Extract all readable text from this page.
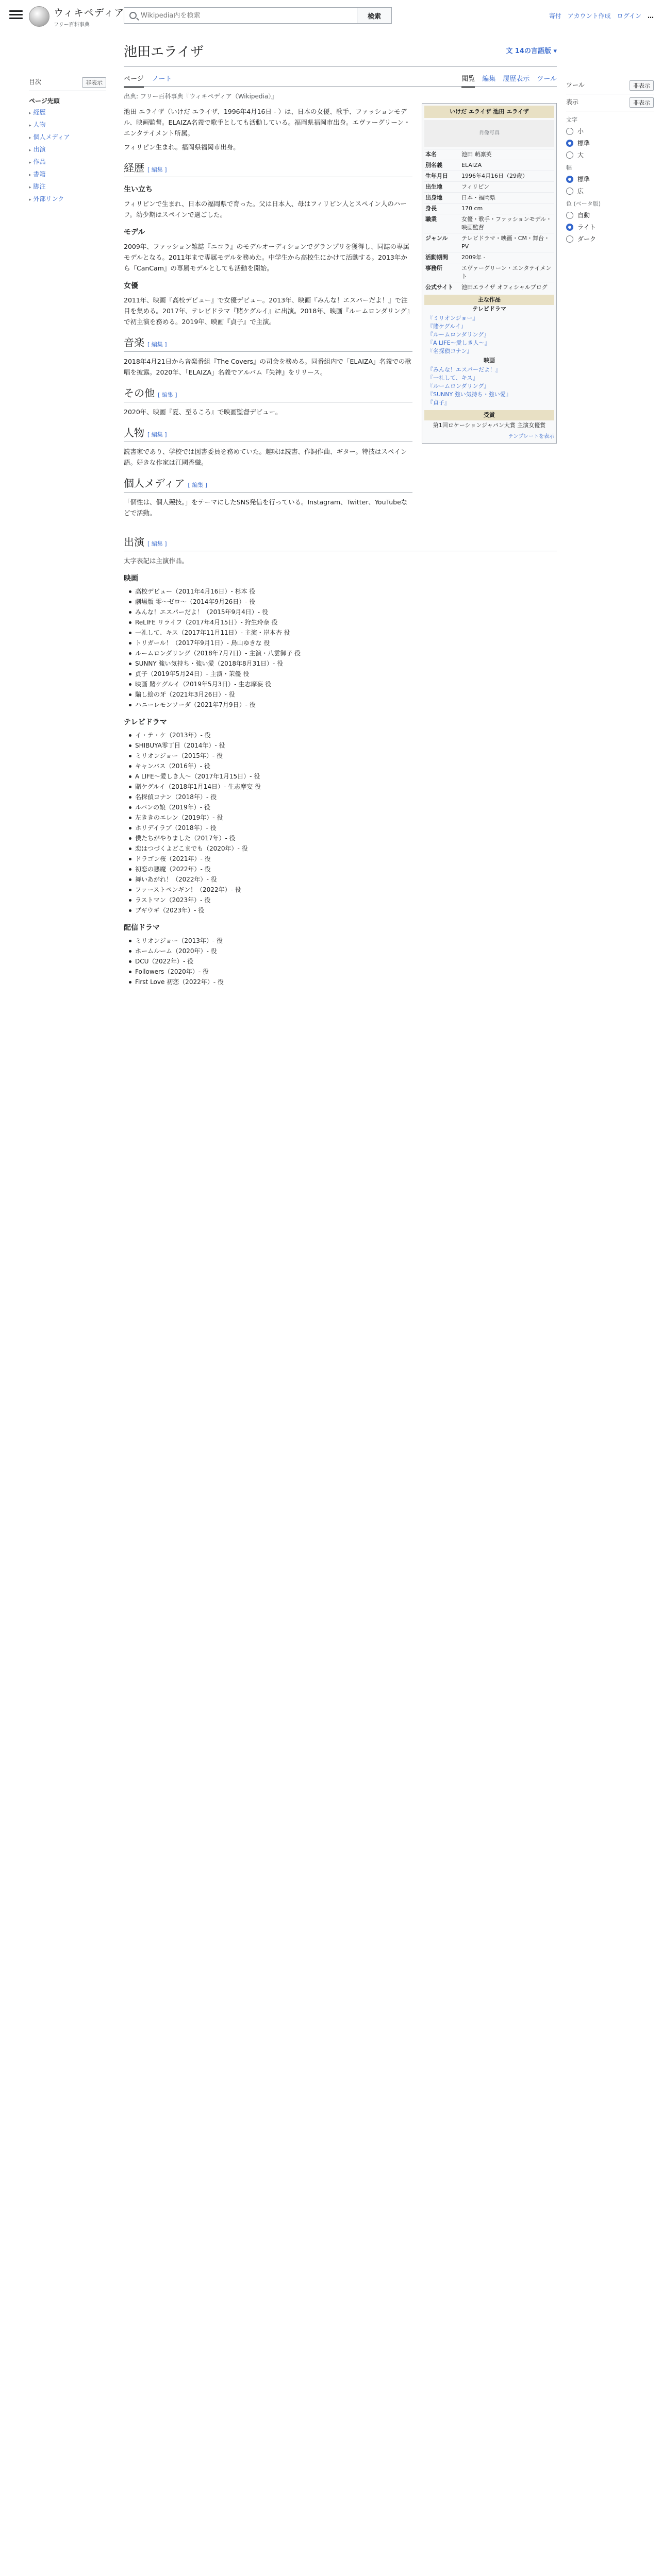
ウィキペディア
フリー百科事典
Wikipedia内を検索
検索	寄付 アカウント作成 ログイン …
池田エライザ	文 14の言語版 ▾
ページ ノート	閲覧 編集 履歴表示 ツール
出典: フリー百科事典『ウィキペディア（Wikipedia）』
目次	非表示
ページ先頭
▸ 経歴
▸ 人物
▸ 個人メディア
▸ 出演
▸ 作品
▸ 書籍
▸ 脚注
▸ 外部リンク
ツール	非表示
表示	非表示
文字
小
標準
大
幅
標準
広
色 (ベータ版)
自動
ライト
ダーク
いけだ エライザ 池田 エライザ
肖像写真
本名	池田 萌凛英
別名義	ELAIZA
生年月日	1996年4月16日（29歳）
出生地	フィリピン
出身地	日本・福岡県
身長	170 cm
職業	女優・歌手・ファッションモデル・映画監督
ジャンル	テレビドラマ・映画・CM・舞台・PV
活動期間	2009年 -
事務所	エヴァーグリーン・エンタテイメント
公式サイト	池田エライザ オフィシャルブログ
主な作品
テレビドラマ
『ミリオンジョー』
『賭ケグルイ』
『ルームロンダリング』
『A LIFE〜愛しき人〜』
『名探偵コナン』
映画
『みんな！エスパーだよ！』
『一礼して、キス』
『ルームロンダリング』
『SUNNY 強い気持ち・強い愛』
『貞子』
受賞
第1回ロケーションジャパン大賞 主演女優賞
テンプレートを表示

池田 エライザ（いけだ エライザ、1996年4月16日 - ）は、日本の女優、歌手、ファッションモデル、映画監督。ELAIZA名義で歌手としても活動している。福岡県福岡市出身。エヴァーグリーン・エンタテイメント所属。

フィリピン生まれ。福岡県福岡市出身。

経歴 [ 編集 ]
生い立ち

フィリピンで生まれ、日本の福岡県で育った。父は日本人、母はフィリピン人とスペイン人のハーフ。幼少期はスペインで過ごした。

モデル

2009年、ファッション雑誌『ニコラ』のモデルオーディションでグランプリを獲得し、同誌の専属モデルとなる。2011年まで専属モデルを務めた。中学生から高校生にかけて活動する。2013年から『CanCam』の専属モデルとしても活動を開始。

女優

2011年、映画『高校デビュー』で女優デビュー。2013年、映画『みんな！エスパーだよ！』で注目を集める。2017年、テレビドラマ『賭ケグルイ』に出演。2018年、映画『ルームロンダリング』で初主演を務める。2019年、映画『貞子』で主演。

音楽 [ 編集 ]

2018年4月21日から音楽番組『The Covers』の司会を務める。同番組内で「ELAIZA」名義での歌唱を披露。2020年、「ELAIZA」名義でアルバム『失神』をリリース。

その他 [ 編集 ]

2020年、映画『夏、至るころ』で映画監督デビュー。

人物 [ 編集 ]

読書家であり、学校では図書委員を務めていた。趣味は読書、作詞作曲、ギター。特技はスペイン語。好きな作家は江國香織。

個人メディア [ 編集 ]

「個性は、個人競技。」をテーマにしたSNS発信を行っている。Instagram、Twitter、YouTubeなどで活動。

出演 [ 編集 ]

太字表記は主演作品。

映画
高校デビュー（2011年4月16日）- 杉本 役
劇場版 零〜ゼロ〜（2014年9月26日）- 役
みんな！エスパーだよ！（2015年9月4日）- 役
ReLIFE リライフ（2017年4月15日）- 狩生玲奈 役
一礼して、キス（2017年11月11日）- 主演・岸本杏 役
トリガール！（2017年9月1日）- 鳥山ゆきな 役
ルームロンダリング（2018年7月7日）- 主演・八雲御子 役
SUNNY 強い気持ち・強い愛（2018年8月31日）- 役
貞子（2019年5月24日）- 主演・茉優 役
映画 賭ケグルイ（2019年5月3日）- 生志摩妄 役
騙し絵の牙（2021年3月26日）- 役
ハニーレモンソーダ（2021年7月9日）- 役
テレビドラマ
イ・テ・ケ（2013年）- 役
SHIBUYA零丁目（2014年）- 役
ミリオンジョー（2015年）- 役
キャンバス（2016年）- 役
A LIFE〜愛しき人〜（2017年1月15日）- 役
賭ケグルイ（2018年1月14日）- 生志摩妄 役
名探偵コナン（2018年）- 役
ルパンの娘（2019年）- 役
左ききのエレン（2019年）- 役
ホリデイラブ（2018年）- 役
僕たちがやりました（2017年）- 役
恋はつづくよどこまでも（2020年）- 役
ドラゴン桜（2021年）- 役
初恋の悪魔（2022年）- 役
舞いあがれ！（2022年）- 役
ファーストペンギン！（2022年）- 役
ラストマン（2023年）- 役
ブギウギ（2023年）- 役
配信ドラマ
ミリオンジョー（2013年）- 役
ホームルーム（2020年）- 役
DCU（2022年）- 役
Followers（2020年）- 役
First Love 初恋（2022年）- 役
